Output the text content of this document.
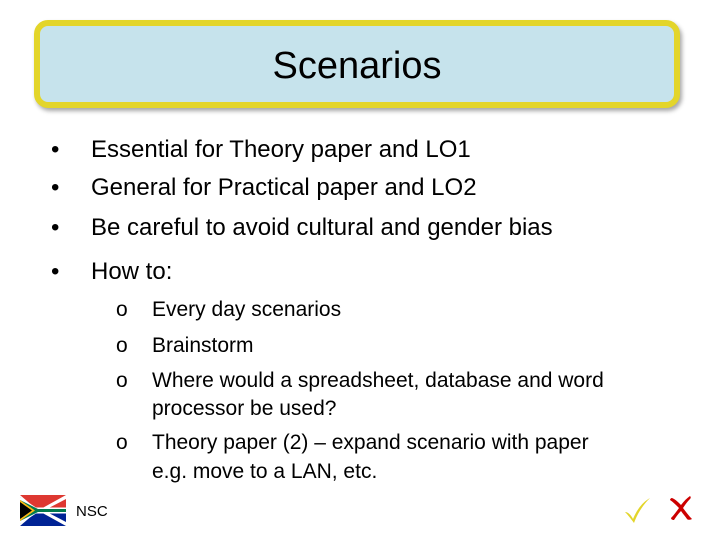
Scenarios
•	Essential for Theory paper and LO1
•	General for Practical paper and LO2
•	Be careful to avoid cultural and gender bias
•	How to:
o Every day scenarios
o Brainstorm
o Where would a spreadsheet, database and word
processor be used?
o Theory paper (2) – expand scenario with paper
e.g. move to a LAN, etc.
NSC
